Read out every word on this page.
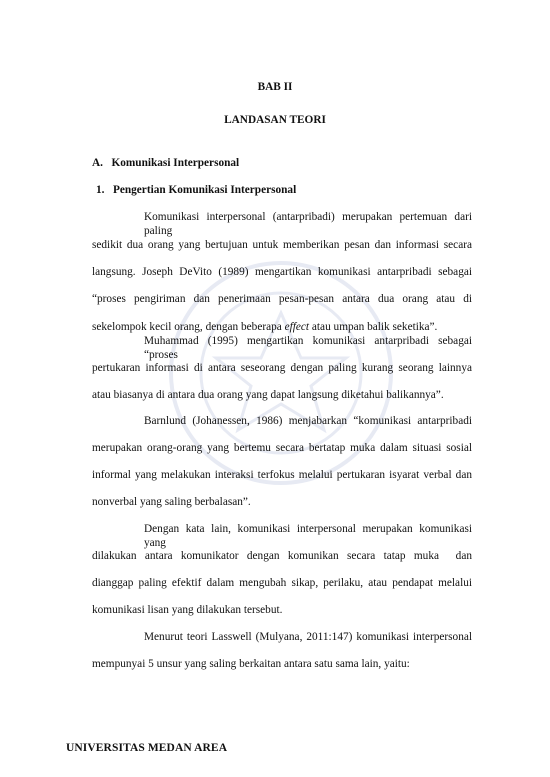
BAB II
LANDASAN TEORI
A.   Komunikasi Interpersonal
1.   Pengertian Komunikasi Interpersonal
Komunikasi interpersonal (antarpribadi) merupakan pertemuan dari paling
sedikit dua orang yang bertujuan untuk memberikan pesan dan informasi secara
langsung. Joseph DeVito (1989) mengartikan komunikasi antarpribadi sebagai
“proses pengiriman dan penerimaan pesan-pesan antara dua orang atau di
sekelompok kecil orang, dengan beberapa effect atau umpan balik seketika”.
Muhammad (1995) mengartikan komunikasi antarpribadi sebagai “proses
pertukaran informasi di antara seseorang dengan paling kurang seorang lainnya
atau biasanya di antara dua orang yang dapat langsung diketahui balikannya”.
Barnlund (Johanessen, 1986) menjabarkan “komunikasi antarpribadi
merupakan orang-orang yang bertemu secara bertatap muka dalam situasi sosial
informal yang melakukan interaksi terfokus melalui pertukaran isyarat verbal dan
nonverbal yang saling berbalasan”.
Dengan kata lain, komunikasi interpersonal merupakan komunikasi yang
dilakukan antara komunikator dengan komunikan secara tatap muka  dan
dianggap paling efektif dalam mengubah sikap, perilaku, atau pendapat melalui
komunikasi lisan yang dilakukan tersebut.
Menurut teori Lasswell (Mulyana, 2011:147) komunikasi interpersonal
mempunyai 5 unsur yang saling berkaitan antara satu sama lain, yaitu:
UNIVERSITAS MEDAN AREA
